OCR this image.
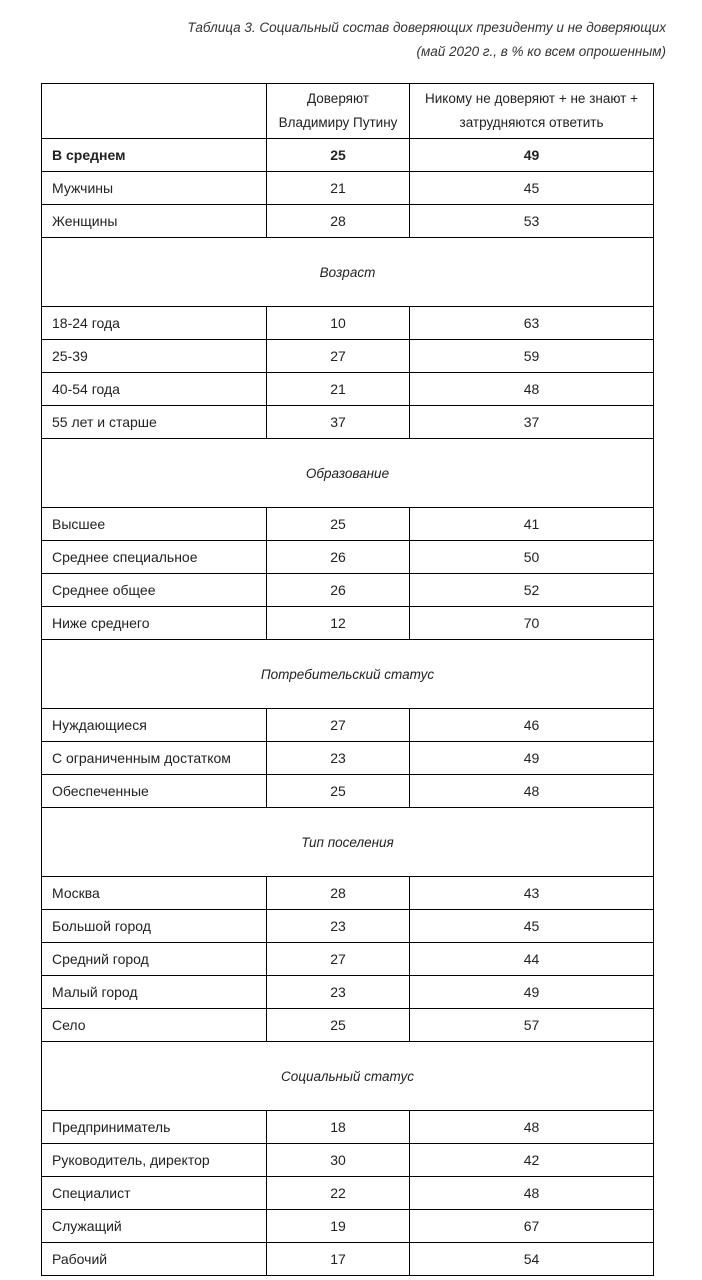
Таблица 3. Социальный состав доверяющих президенту и не доверяющих
(май 2020 г., в % ко всем опрошенным)
	Доверяют Владимиру Путину	Никому не доверяют + не знают + затрудняются ответить
В среднем	25	49
Мужчины	21	45
Женщины	28	53
Возраст		
18-24 года	10	63
25-39	27	59
40-54 года	21	48
55 лет и старше	37	37
Образование		
Высшее	25	41
Среднее специальное	26	50
Среднее общее	26	52
Ниже среднего	12	70
Потребительский статус		
Нуждающиеся	27	46
С ограниченным достатком	23	49
Обеспеченные	25	48
Тип поселения		
Москва	28	43
Большой город	23	45
Средний город	27	44
Малый город	23	49
Село	25	57
Социальный статус		
Предприниматель	18	48
Руководитель, директор	30	42
Специалист	22	48
Служащий	19	67
Рабочий	17	54
